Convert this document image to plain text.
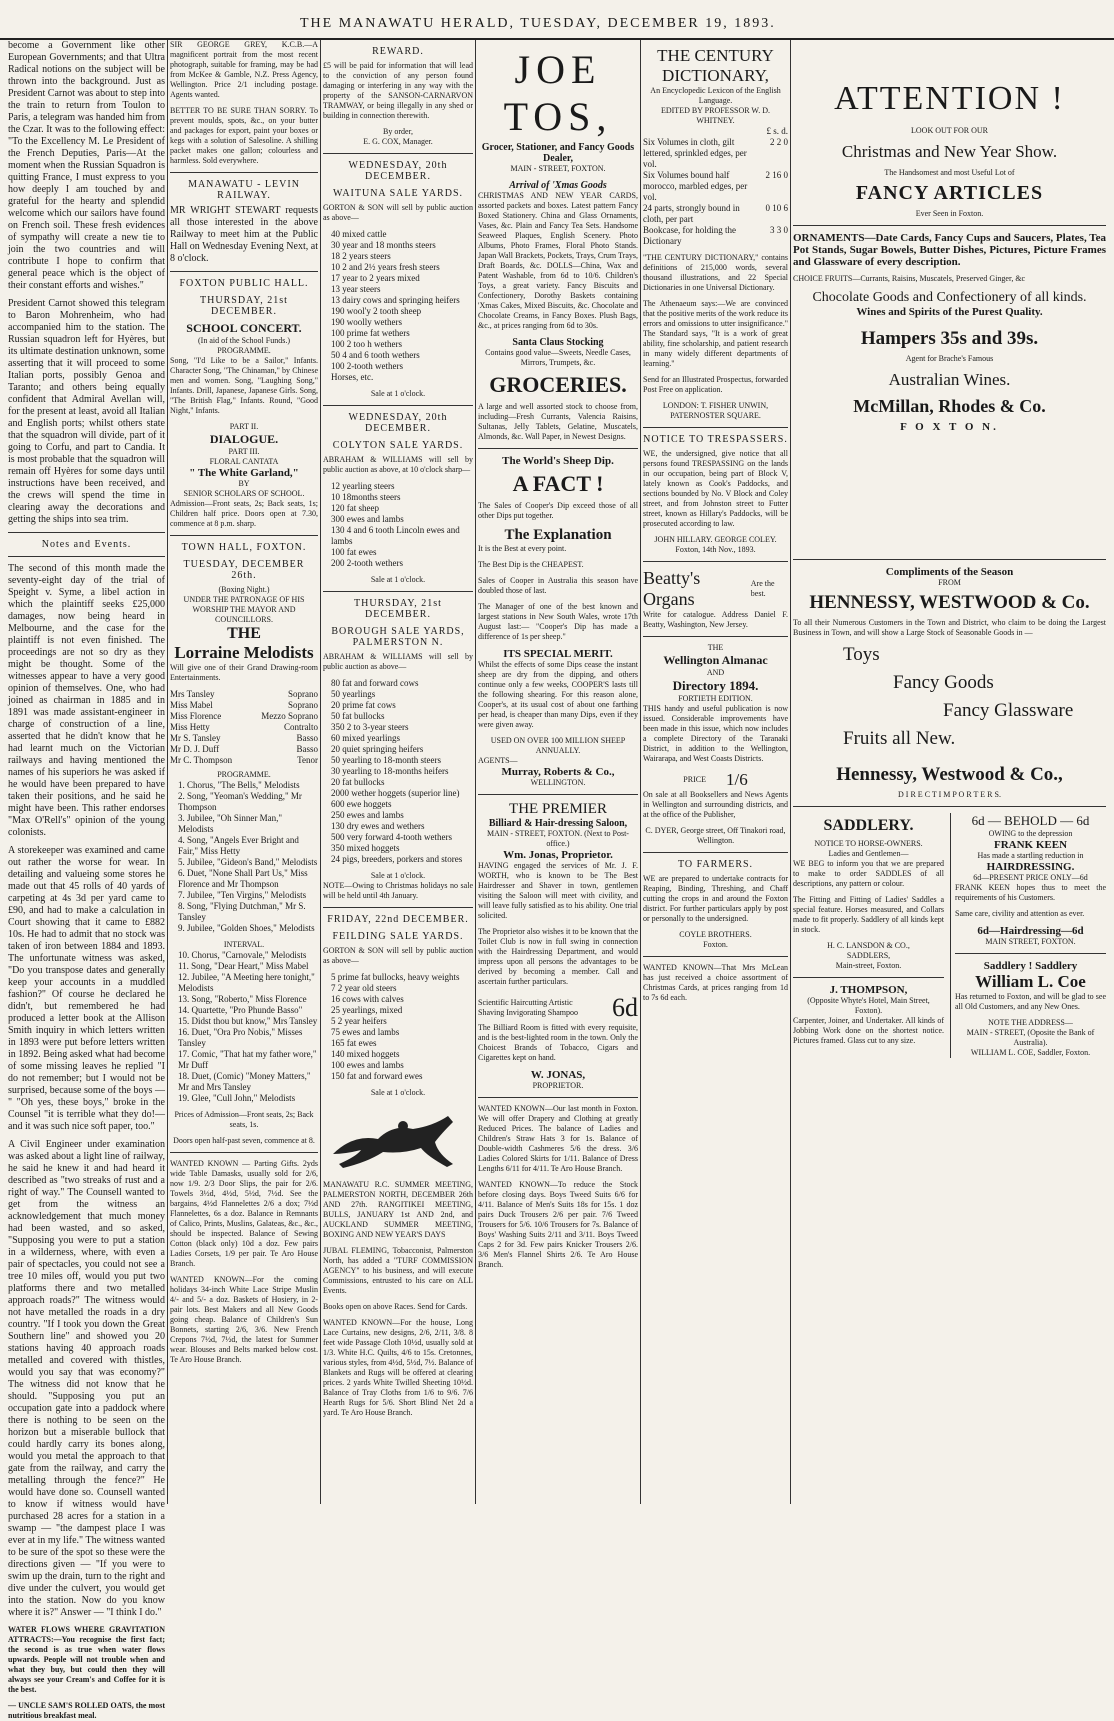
THE MANAWATU HERALD, TUESDAY, DECEMBER 19, 1893.

become a Government like other European Governments; and that Ultra Radical notions on the subject will be thrown into the background. Just as President Carnot was about to step into the train to return from Toulon to Paris, a telegram was handed him from the Czar. It was to the following effect: "To the Excellency M. Le President of the French Deputies, Paris—At the moment when the Russian Squadron is quitting France, I must express to you how deeply I am touched by and grateful for the hearty and splendid welcome which our sailors have found on French soil. These fresh evidences of sympathy will create a new tie to join the two countries and will contribute I hope to confirm that general peace which is the object of their constant efforts and wishes."

President Carnot showed this telegram to Baron Mohrenheim, who had accompanied him to the station. The Russian squadron left for Hyères, but its ultimate destination unknown, some asserting that it will proceed to some Italian ports, possibly Genoa and Taranto; and others being equally confident that Admiral Avellan will, for the present at least, avoid all Italian and English ports; whilst others state that the squadron will divide, part of it going to Corfu, and part to Candia. It is most probable that the squadron will remain off Hyères for some days until instructions have been received, and the crews will spend the time in clearing away the decorations and getting the ships into sea trim.

Notes and Events.

The second of this month made the seventy-eight day of the trial of Speight v. Syme, a libel action in which the plaintiff seeks £25,000 damages, now being heard in Melbourne, and the case for the plaintiff is not even finished. The proceedings are not so dry as they might be thought. Some of the witnesses appear to have a very good opinion of themselves. One, who had joined as chairman in 1885 and in 1891 was made assistant-engineer in charge of construction of a line, asserted that he didn't know that he had learnt much on the Victorian railways and having mentioned the names of his superiors he was asked if he would have been prepared to have taken their positions, and he said he might have been. This rather endorses "Max O'Rell's" opinion of the young colonists.

A storekeeper was examined and came out rather the worse for wear. In detailing and valueing some stores he made out that 45 rolls of 40 yards of carpeting at 4s 3d per yard came to £90, and had to make a calculation in Court showing that it came to £882 10s. He had to admit that no stock was taken of iron between 1884 and 1893. The unfortunate witness was asked, "Do you transpose dates and generally keep your accounts in a muddled fashion?" Of course he declared he didn't, but remembered he had produced a letter book at the Allison Smith inquiry in which letters written in 1893 were put before letters written in 1892. Being asked what had become of some missing leaves he replied "I do not remember; but I would not be surprised, because some of the boys — " "Oh yes, these boys," broke in the Counsel "it is terrible what they do!—and it was such nice soft paper, too."

A Civil Engineer under examination was asked about a light line of railway, he said he knew it and had heard it described as "two streaks of rust and a right of way." The Counsell wanted to get from the witness an acknowledgement that much money had been wasted, and so asked, "Supposing you were to put a station in a wilderness, where, with even a pair of spectacles, you could not see a tree 10 miles off, would you put two platforms there and two metalled approach roads?" The witness would not have metalled the roads in a dry country. "If I took you down the Great Southern line" and showed you 20 stations having 40 approach roads metalled and covered with thistles, would you say that was economy?" The witness did not know that he should. "Supposing you put an occupation gate into a paddock where there is nothing to be seen on the horizon but a miserable bullock that could hardly carry its bones along, would you metal the approach to that gate from the railway, and carry the metalling through the fence?" He would have done so. Counsell wanted to know if witness would have purchased 28 acres for a station in a swamp — "the dampest place I was ever at in my life." The witness wanted to be sure of the spot so these were the directions given — "If you were to swim up the drain, turn to the right and dive under the culvert, you would get into the station. Now do you know where it is?" Answer — "I think I do."

WATER FLOWS WHERE GRAVITATION ATTRACTS:—You recognise the first fact; the second is as true when water flows upwards. People will not trouble when and what they buy, but could then they will always see your Cream's and Coffee for it is the best.

— UNCLE SAM'S ROLLED OATS, the most nutritious breakfast meal.

SIR GEORGE GREY, K.C.B.—A magnificent portrait from the most recent photograph, suitable for framing, may be had from McKee & Gamble, N.Z. Press Agency, Wellington. Price 2/1 including postage. Agents wanted.

BETTER TO BE SURE THAN SORRY. To prevent moulds, spots, &c., on your butter and packages for export, paint your boxes or kegs with a solution of Salesoline. A shilling packet makes one gallon; colourless and harmless. Sold everywhere.

MANAWATU - LEVIN RAILWAY.

MR WRIGHT STEWART requests all those interested in the above Railway to meet him at the Public Hall on Wednesday Evening Next, at 8 o'clock.

FOXTON PUBLIC HALL.
THURSDAY, 21st DECEMBER.
SCHOOL CONCERT.
(In aid of the School Funds.)
PROGRAMME.

Song, "I'd Like to be a Sailor," Infants. Character Song, "The Chinaman," by Chinese men and women. Song, "Laughing Song," Infants. Drill, Japanese, Japanese Girls. Song, "The British Flag," Infants. Round, "Good Night," Infants.

PART II.
DIALOGUE.
PART III.
FLORAL CANTATA
" The White Garland,"
BY
SENIOR SCHOLARS OF SCHOOL.

Admission—Front seats, 2s; Back seats, 1s; Children half price. Doors open at 7.30, commence at 8 p.m. sharp.

TOWN HALL, FOXTON.
TUESDAY, DECEMBER 26th.
(Boxing Night.)
UNDER THE PATRONAGE OF HIS WORSHIP THE MAYOR AND COUNCILLORS.
THE
Lorraine Melodists

Will give one of their Grand Drawing-room Entertainments.

Mrs Tansley	Soprano
Miss Mabel	Soprano
Miss Florence	Mezzo Soprano
Miss Hetty	Contralto
Mr S. Tansley	Basso
Mr D. J. Duff	Basso
Mr C. Thompson	Tenor
PROGRAMME.
1. Chorus, "The Bells," Melodists
2. Song, "Yeoman's Wedding," Mr Thompson
3. Jubilee, "Oh Sinner Man," Melodists
4. Song, "Angels Ever Bright and Fair," Miss Hetty
5. Jubilee, "Gideon's Band," Melodists
6. Duet, "None Shall Part Us," Miss Florence and Mr Thompson
7. Jubilee, "Ten Virgins," Melodists
8. Song, "Flying Dutchman," Mr S. Tansley
9. Jubilee, "Golden Shoes," Melodists
INTERVAL.
10. Chorus, "Carnovale," Melodists
11. Song, "Dear Heart," Miss Mabel
12. Jubilee, "A Meeting here tonight," Melodists
13. Song, "Roberto," Miss Florence
14. Quartette, "Pro Phunde Basso"
15. Didst thou but know," Mrs Tansley
16. Duet, "Ora Pro Nobis," Misses Tansley
17. Comic, "That hat my father wore," Mr Duff
18. Duet, (Comic) "Money Matters," Mr and Mrs Tansley
19. Glee, "Cull John," Melodists

Prices of Admission—Front seats, 2s; Back seats, 1s.

Doors open half-past seven, commence at 8.

WANTED KNOWN — Parting Gifts. 2yds wide Table Damasks, usually sold for 2/6, now 1/9. 2/3 Door Slips, the pair for 2/6. Towels 3½d, 4½d, 5½d, 7½d. See the bargains, 4½d Flannelettes 2/6 a dox; 7½d Flannelettes, 6s a doz. Balance in Remnants of Calico, Prints, Muslins, Galateas, &c., &c., should be inspected. Balance of Sewing Cotton (black only) 10d a doz. Few pairs Ladies Corsets, 1/9 per pair. Te Aro House Branch.

WANTED KNOWN—For the coming holidays 34-inch White Lace Stripe Muslin 4/- and 5/- a doz. Baskets of Hosiery, in 2-pair lots. Best Makers and all New Goods going cheap. Balance of Children's Sun Bonnets, starting 2/6, 3/6. New French Crepons 7½d, 7½d, the latest for Summer wear. Blouses and Belts marked below cost. Te Aro House Branch.

REWARD.

£5 will be paid for information that will lead to the conviction of any person found damaging or interfering in any way with the property of the SANSON-CARNARVON TRAMWAY, or being illegally in any shed or building in connection therewith.

By order,
E. G. COX, Manager.
WEDNESDAY, 20th DECEMBER.
WAITUNA SALE YARDS.

GORTON & SON will sell by public auction as above—

40 mixed cattle
30 year and 18 months steers
18 2 years steers
10 2 and 2½ years fresh steers
17 year to 2 years mixed
13 year steers
13 dairy cows and springing heifers
190 wool'y 2 tooth sheep
190 woolly wethers
100 prime fat wethers
100 2 too h wethers
50 4 and 6 tooth wethers
100 2-tooth wethers
Horses, etc.
Sale at 1 o'clock.
WEDNESDAY, 20th DECEMBER.
COLYTON SALE YARDS.

ABRAHAM & WILLIAMS will sell by public auction as above, at 10 o'clock sharp—

12 yearling steers
10 18months steers
120 fat sheep
300 ewes and lambs
130 4 and 6 tooth Lincoln ewes and lambs
100 fat ewes
200 2-tooth wethers
Sale at 1 o'clock.
THURSDAY, 21st DECEMBER.
BOROUGH SALE YARDS, PALMERSTON N.

ABRAHAM & WILLIAMS will sell by public auction as above—

80 fat and forward cows
50 yearlings
20 prime fat cows
50 fat bullocks
350 2 to 3-year steers
60 mixed yearlings
20 quiet springing heifers
50 yearling to 18-month steers
30 yearling to 18-months heifers
20 fat bullocks
2000 wether hoggets (superior line)
600 ewe hoggets
250 ewes and lambs
130 dry ewes and wethers
500 very forward 4-tooth wethers
350 mixed hoggets
24 pigs, breeders, porkers and stores
Sale at 1 o'clock.

NOTE—Owing to Christmas holidays no sale will be held until 4th January.

FRIDAY, 22nd DECEMBER.
FEILDING SALE YARDS.

GORTON & SON will sell by public auction as above—

5 prime fat bullocks, heavy weights
7 2 year old steers
16 cows with calves
25 yearlings, mixed
5 2 year heifers
75 ewes and lambs
165 fat ewes
140 mixed hoggets
100 ewes and lambs
150 fat and forward ewes
Sale at 1 o'clock.

MANAWATU R.C. SUMMER MEETING, PALMERSTON NORTH, DECEMBER 26th AND 27th. RANGITIKEI MEETING, BULLS, JANUARY 1st AND 2nd, and AUCKLAND SUMMER MEETING, BOXING AND NEW YEAR'S DAYS

JUBAL FLEMING, Tobacconist, Palmerston North, has added a "TURF COMMISSION AGENCY" to his business, and will execute Commissions, entrusted to his care on ALL Events.

Books open on above Races. Send for Cards.

WANTED KNOWN—For the house, Long Lace Curtains, new designs, 2/6, 2/11, 3/8. 8 feet wide Passage Cloth 10½d, usually sold at 1/3. White H.C. Quilts, 4/6 to 15s. Cretonnes, various styles, from 4½d, 5½d, 7½. Balance of Blankets and Rugs will be offered at clearing prices. 2 yards White Twilled Sheeting 10½d. Balance of Tray Cloths from 1/6 to 9/6. 7/6 Hearth Rugs for 5/6. Short Blind Net 2d a yard. Te Aro House Branch.

JOE TOS,
Grocer, Stationer, and Fancy Goods Dealer,
MAIN - STREET, FOXTON.
Arrival of 'Xmas Goods

CHRISTMAS AND NEW YEAR CARDS, assorted packets and boxes. Latest pattern Fancy Boxed Stationery. China and Glass Ornaments, Vases, &c. Plain and Fancy Tea Sets. Handsome Seaweed Plaques, English Scenery. Photo Albums, Photo Frames, Floral Photo Stands. Japan Wall Brackets, Pockets, Trays, Crum Trays, Draft Boards, &c. DOLLS—China, Wax and Patent Washable, from 6d to 10/6. Children's Toys, a great variety. Fancy Biscuits and Confectionery, Dorothy Baskets containing 'Xmas Cakes, Mixed Biscuits, &c. Chocolate and Chocolate Creams, in Fancy Boxes. Plush Bags, &c., at prices ranging from 6d to 30s.

Santa Claus Stocking
Contains good value—Sweets, Needle Cases, Mirrors, Trumpets, &c.
GROCERIES.

A large and well assorted stock to choose from, including—Fresh Currants, Valencia Raisins, Sultanas, Jelly Tablets, Gelatine, Muscatels, Almonds, &c. Wall Paper, in Newest Designs.

The World's Sheep Dip.
A FACT !

The Sales of Cooper's Dip exceed those of all other Dips put together.

The Explanation

It is the Best at every point.

The Best Dip is the CHEAPEST.

Sales of Cooper in Australia this season have doubled those of last.

The Manager of one of the best known and largest stations in New South Wales, wrote 17th August last:— "Cooper's Dip has made a difference of 1s per sheep."

ITS SPECIAL MERIT.

Whilst the effects of some Dips cease the instant sheep are dry from the dipping, and others continue only a few weeks, COOPER'S lasts till the following shearing. For this reason alone, Cooper's, at its usual cost of about one farthing per head, is cheaper than many Dips, even if they were given away.

USED ON OVER 100 MILLION SHEEP ANNUALLY.
AGENTS—
Murray, Roberts & Co.,
WELLINGTON.
THE PREMIER
Billiard & Hair-dressing Saloon,
MAIN - STREET, FOXTON. (Next to Post-office.)
Wm. Jonas, Proprietor.

HAVING engaged the services of Mr. J. F. WORTH, who is known to be The Best Hairdresser and Shaver in town, gentlemen visiting the Saloon will meet with civility, and will leave fully satisfied as to his ability. One trial solicited.

The Proprietor also wishes it to be known that the Toilet Club is now in full swing in connection with the Hairdressing Department, and would impress upon all persons the advantages to be derived by becoming a member. Call and ascertain further particulars.

Scientific Haircutting Artistic Shaving Invigorating Shampoo	6d

The Billiard Room is fitted with every requisite, and is the best-lighted room in the town. Only the Choicest Brands of Tobacco, Cigars and Cigarettes kept on hand.

W. JONAS,
PROPRIETOR.

WANTED KNOWN—Our last month in Foxton. We will offer Drapery and Clothing at greatly Reduced Prices. The balance of Ladies and Children's Straw Hats 3 for 1s. Balance of Double-width Cashmeres 5/6 the dress. 3/6 Ladies Colored Skirts for 1/11. Balance of Dress Lengths 6/11 for 4/11. Te Aro House Branch.

WANTED KNOWN—To reduce the Stock before closing days. Boys Tweed Suits 6/6 for 4/11. Balance of Men's Suits 18s for 15s. 1 doz pairs Duck Trousers 2/6 per pair. 7/6 Tweed Trousers for 5/6. 10/6 Trousers for 7s. Balance of Boys' Washing Suits 2/11 and 3/11. Boys Tweed Caps 2 for 3d. Few pairs Knicker Trousers 2/6. 3/6 Men's Flannel Shirts 2/6. Te Aro House Branch.

THE CENTURY DICTIONARY,
An Encyclopedic Lexicon of the English Language.
EDITED BY PROFESSOR W. D. WHITNEY.
£ s. d.
Six Volumes in cloth, gilt lettered, sprinkled edges, per vol.
2 2 0
Six Volumes bound half morocco, marbled edges, per vol.
2 16 0
24 parts, strongly bound in cloth, per part
0 10 6
Bookcase, for holding the Dictionary
3 3 0

"THE CENTURY DICTIONARY," contains definitions of 215,000 words, several thousand illustrations, and 22 Special Dictionaries in one Universal Dictionary.

The Athenaeum says:—We are convinced that the positive merits of the work reduce its errors and omissions to utter insignificance." The Standard says, "It is a work of great ability, fine scholarship, and patient research in many widely different departments of learning."

Send for an Illustrated Prospectus, forwarded Post Free on application.

LONDON: T. FISHER UNWIN, PATERNOSTER SQUARE.

NOTICE TO TRESPASSERS.

WE, the undersigned, give notice that all persons found TRESPASSING on the lands in our occupation, being part of Block V, lately known as Cook's Paddocks, and sections bounded by No. V Block and Coley street, and from Johnston street to Futter street, known as Hillary's Paddocks, will be prosecuted according to law.

JOHN HILLARY. GEORGE COLEY.
Foxton, 14th Nov., 1893.
Beatty's Organs
Are the best.

Write for catalogue. Address Daniel F. Beatty, Washington, New Jersey.

THE
Wellington Almanac
AND
Directory 1894.
FORTIETH EDITION.

THIS handy and useful publication is now issued. Considerable improvements have been made in this issue, which now includes a complete Directory of the Taranaki District, in addition to the Wellington, Wairarapa, and West Coasts Districts.

PRICE 1/6

On sale at all Booksellers and News Agents in Wellington and surrounding districts, and at the office of the Publisher,

C. DYER, George street, Off Tinakori road, Wellington.

TO FARMERS.

WE are prepared to undertake contracts for Reaping, Binding, Threshing, and Chaff cutting the crops in and around the Foxton district. For further particulars apply by post or personally to the undersigned.

COYLE BROTHERS.
Foxton.

WANTED KNOWN—That Mrs McLean has just received a choice assortment of Christmas Cards, at prices ranging from 1d to 7s 6d each.

ATTENTION !
LOOK OUT FOR OUR
Christmas and New Year Show.
The Handsomest and most Useful Lot of
FANCY ARTICLES
Ever Seen in Foxton.

ORNAMENTS—Date Cards, Fancy Cups and Saucers, Plates, Tea Pot Stands, Sugar Bowels, Butter Dishes, Pictures, Picture Frames and Glassware of every description.

CHOICE FRUITS—Currants, Raisins, Muscatels, Preserved Ginger, &c

Chocolate Goods and Confectionery of all kinds.
Wines and Spirits of the Purest Quality.
Hampers 35s and 39s.
Agent for Brache's Famous
Australian Wines.
McMillan, Rhodes & Co.
F O X T O N.
Compliments of the Season
FROM
HENNESSY, WESTWOOD & Co.

To all their Numerous Customers in the Town and District, who claim to be doing the Largest Business in Town, and will show a Large Stock of Seasonable Goods in —

Toys
Fancy Goods
Fancy Glassware
Fruits all New.
Hennessy, Westwood & Co.,
D I R E C T I M P O R T E R S.
SADDLERY.
NOTICE TO HORSE-OWNERS.
Ladies and Gentlemen—

WE BEG to inform you that we are prepared to make to order SADDLES of all descriptions, any pattern or colour.

The Fitting and Fitting of Ladies' Saddles a special feature. Horses measured, and Collars made to fit properly. Saddlery of all kinds kept in stock.

H. C. LANSDON & CO.,
SADDLERS,
Main-street, Foxton.
J. THOMPSON,
(Opposite Whyte's Hotel, Main Street, Foxton).

Carpenter, Joiner, and Undertaker. All kinds of Jobbing Work done on the shortest notice. Pictures framed. Glass cut to any size.

6d — BEHOLD — 6d
OWING to the depression
FRANK KEEN
Has made a startling reduction in
HAIRDRESSING.
6d—PRESENT PRICE ONLY—6d

FRANK KEEN hopes thus to meet the requirements of his Customers.

Same care, civility and attention as ever.

6d—Hairdressing—6d
MAIN STREET, FOXTON.
Saddlery ! Saddlery
William L. Coe

Has returned to Foxton, and will be glad to see all Old Customers, and any New Ones.

NOTE THE ADDRESS—
MAIN - STREET, (Oposite the Bank of Australia).
WILLIAM L. COE, Saddler, Foxton.
